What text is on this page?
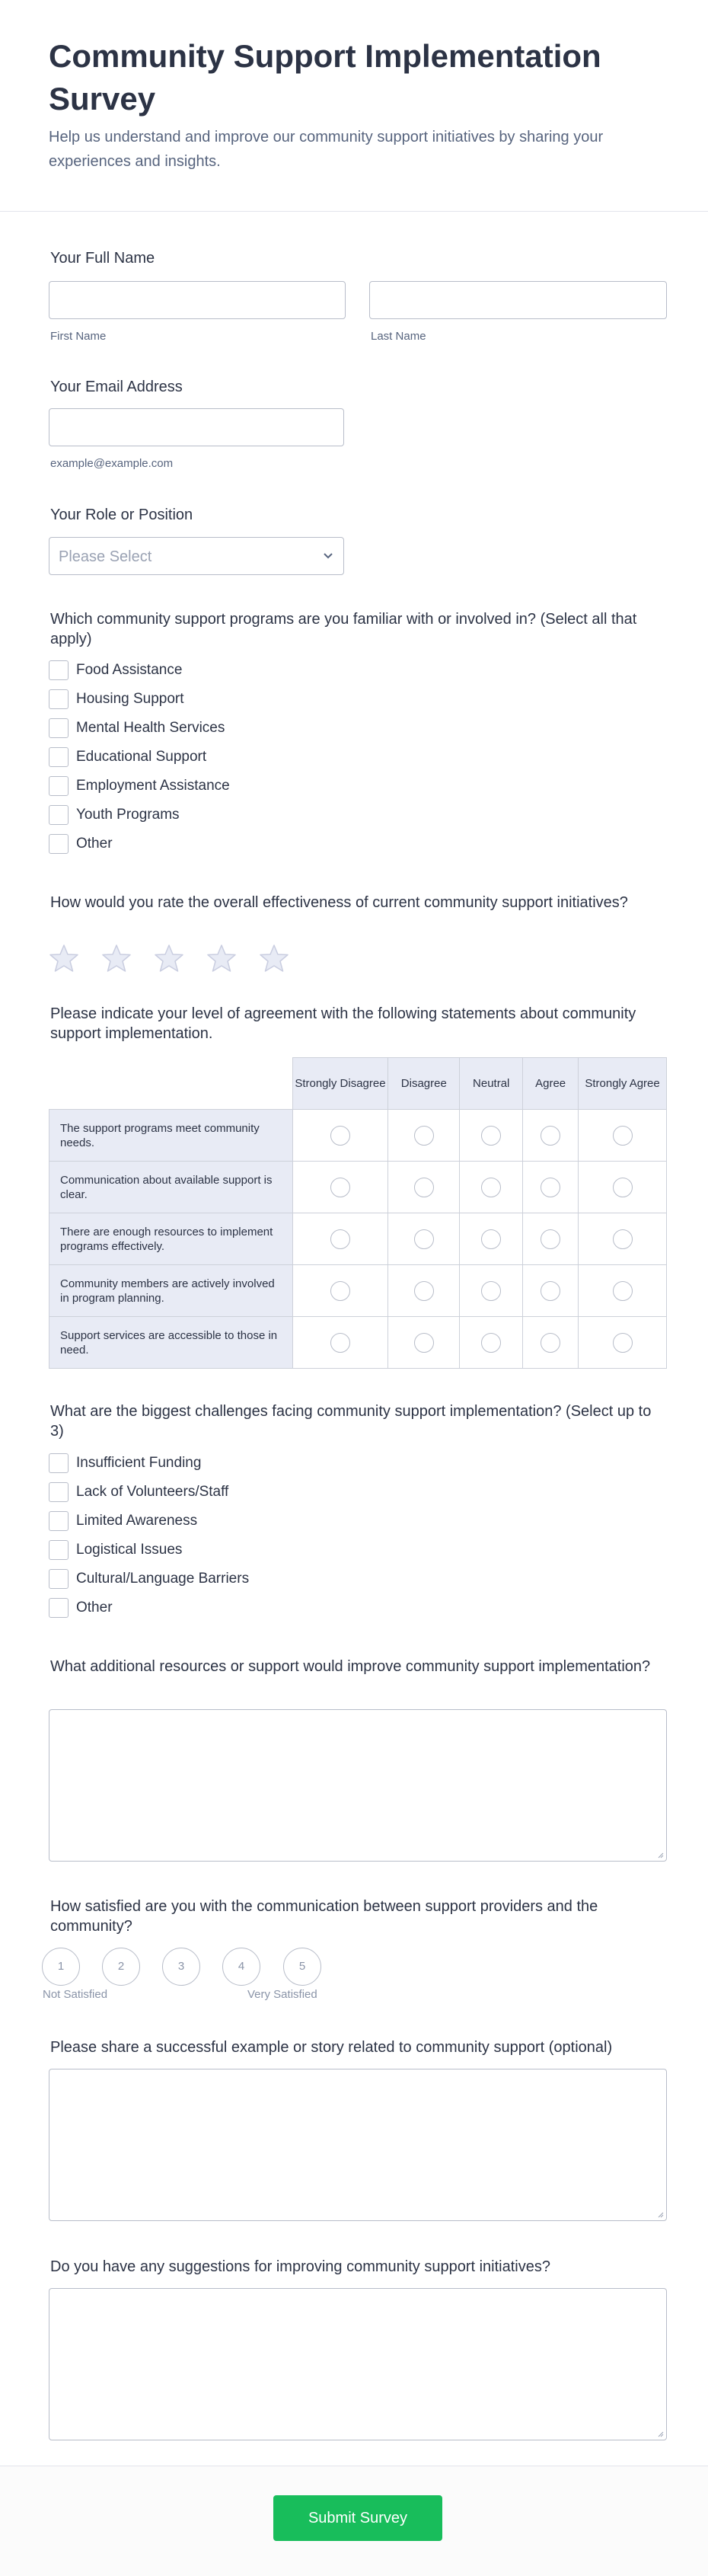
Community Support Implementation Survey

Help us understand and improve our community support initiatives by sharing your experiences and insights.

Your Full Name
First Name	Last Name
Your Email Address
example@example.com
Your Role or Position
Please Select
Which community support programs are you familiar with or involved in? (Select all that apply)
Food Assistance
Housing Support
Mental Health Services
Educational Support
Employment Assistance
Youth Programs
Other
How would you rate the overall effectiveness of current community support initiatives?
Please indicate your level of agreement with the following statements about community support implementation.
	Strongly Disagree	Disagree	Neutral	Agree	Strongly Agree
The support programs meet community needs.					
Communication about available support is clear.					
There are enough resources to implement programs effectively.					
Community members are actively involved in program planning.					
Support services are accessible to those in need.					
What are the biggest challenges facing community support implementation? (Select up to 3)
Insufficient Funding
Lack of Volunteers/Staff
Limited Awareness
Logistical Issues
Cultural/Language Barriers
Other
What additional resources or support would improve community support implementation?
How satisfied are you with the communication between support providers and the community?
1	2	3	4	5
Not Satisfied	Very Satisfied
Please share a successful example or story related to community support (optional)
Do you have any suggestions for improving community support initiatives?
Submit Survey
